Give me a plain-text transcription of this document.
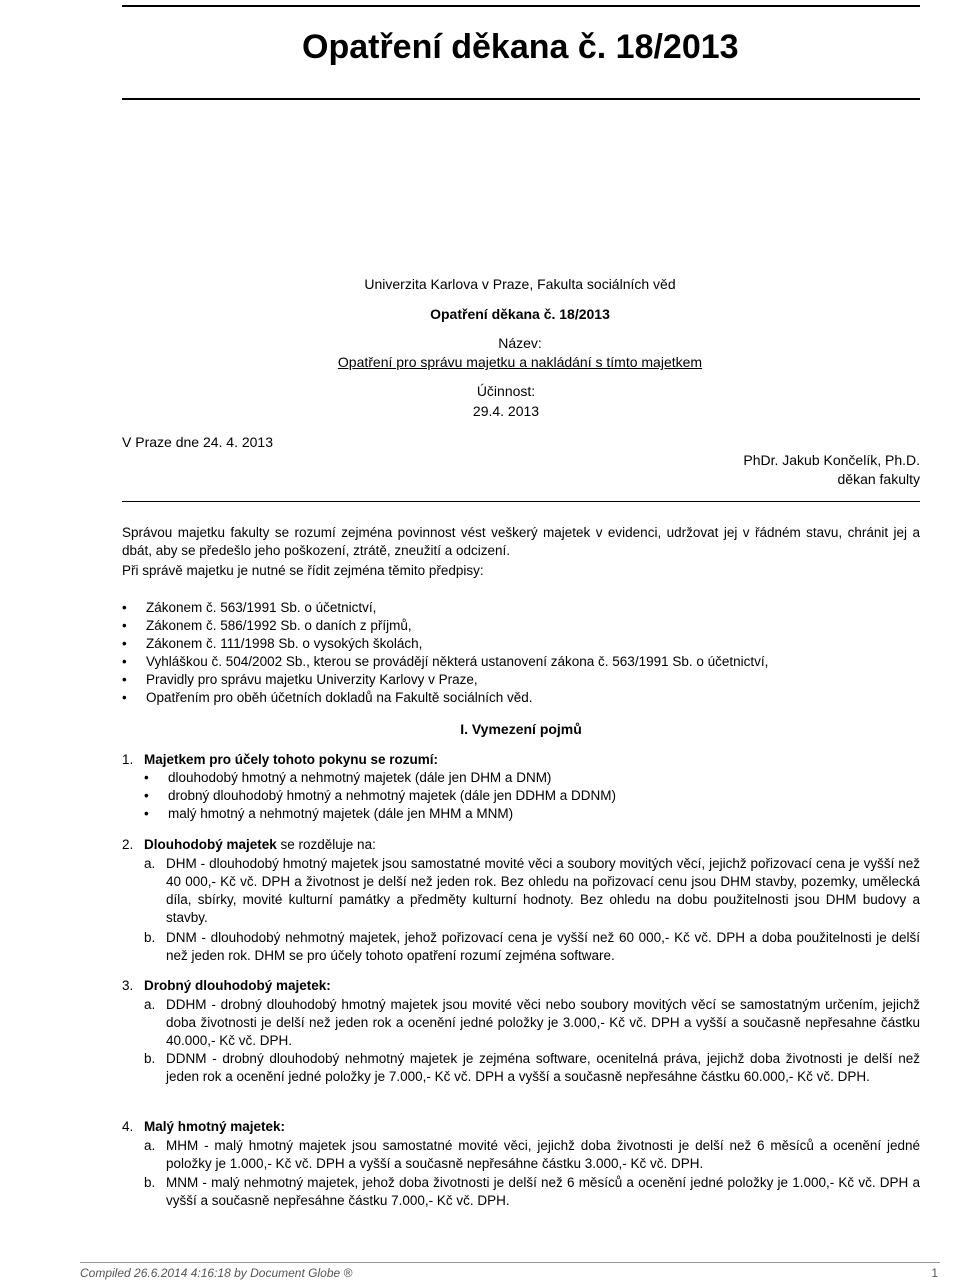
Opatření děkana č. 18/2013
Univerzita Karlova v Praze, Fakulta sociálních věd
Opatření děkana č. 18/2013
Název:
Opatření pro správu majetku a nakládání s tímto majetkem
Účinnost:
29.4. 2013
V Praze dne 24. 4. 2013
PhDr. Jakub Končelík, Ph.D.
děkan fakulty
Správou majetku fakulty se rozumí zejména povinnost vést veškerý majetek v evidenci, udržovat jej v řádném stavu, chránit jej a dbát, aby se předešlo jeho poškození, ztrátě, zneužití a odcizení.
Při správě majetku je nutné se řídit zejména těmito předpisy:
• Zákonem č. 563/1991 Sb. o účetnictví,
• Zákonem č. 586/1992 Sb. o daních z příjmů,
• Zákonem č. 111/1998 Sb. o vysokých školách,
• Vyhláškou č. 504/2002 Sb., kterou se provádějí některá ustanovení zákona č. 563/1991 Sb. o účetnictví,
• Pravidly pro správu majetku Univerzity Karlovy v Praze,
• Opatřením pro oběh účetních dokladů na Fakultě sociálních věd.
I. Vymezení pojmů
1. Majetkem pro účely tohoto pokynu se rozumí:
• dlouhodobý hmotný a nehmotný majetek (dále jen DHM a DNM)
• drobný dlouhodobý hmotný a nehmotný majetek (dále jen DDHM a DDNM)
• malý hmotný a nehmotný majetek (dále jen MHM a MNM)
2. Dlouhodobý majetek se rozděluje na:
a. DHM - dlouhodobý hmotný majetek jsou samostatné movité věci a soubory movitých věcí, jejichž pořizovací cena je vyšší než 40 000,- Kč vč. DPH a životnost je delší než jeden rok. Bez ohledu na pořizovací cenu jsou DHM stavby, pozemky, umělecká díla, sbírky, movité kulturní památky a předměty kulturní hodnoty. Bez ohledu na dobu použitelnosti jsou DHM budovy a stavby.
b. DNM - dlouhodobý nehmotný majetek, jehož pořizovací cena je vyšší než 60 000,- Kč vč. DPH a doba použitelnosti je delší než jeden rok. DHM se pro účely tohoto opatření rozumí zejména software.
3. Drobný dlouhodobý majetek:
a. DDHM - drobný dlouhodobý hmotný majetek jsou movité věci nebo soubory movitých věcí se samostatným určením, jejichž doba životnosti je delší než jeden rok a ocenění jedné položky je 3.000,- Kč vč. DPH a vyšší a současně nepřesahne částku 40.000,- Kč vč. DPH.
b. DDNM - drobný dlouhodobý nehmotný majetek je zejména software, ocenitelná práva, jejichž doba životnosti je delší než jeden rok a ocenění jedné položky je 7.000,- Kč vč. DPH a vyšší a současně nepřesáhne částku 60.000,- Kč vč. DPH.
4. Malý hmotný majetek:
a. MHM - malý hmotný majetek jsou samostatné movité věci, jejichž doba životnosti je delší než 6 měsíců a ocenění jedné položky je 1.000,- Kč vč. DPH a vyšší a současně nepřesáhne částku 3.000,- Kč vč. DPH.
b. MNM - malý nehmotný majetek, jehož doba životnosti je delší než 6 měsíců a ocenění jedné položky je 1.000,- Kč vč. DPH a vyšší a současně nepřesáhne částku 7.000,- Kč vč. DPH.
Compiled 26.6.2014 4:16:18 by Document Globe ®	1
